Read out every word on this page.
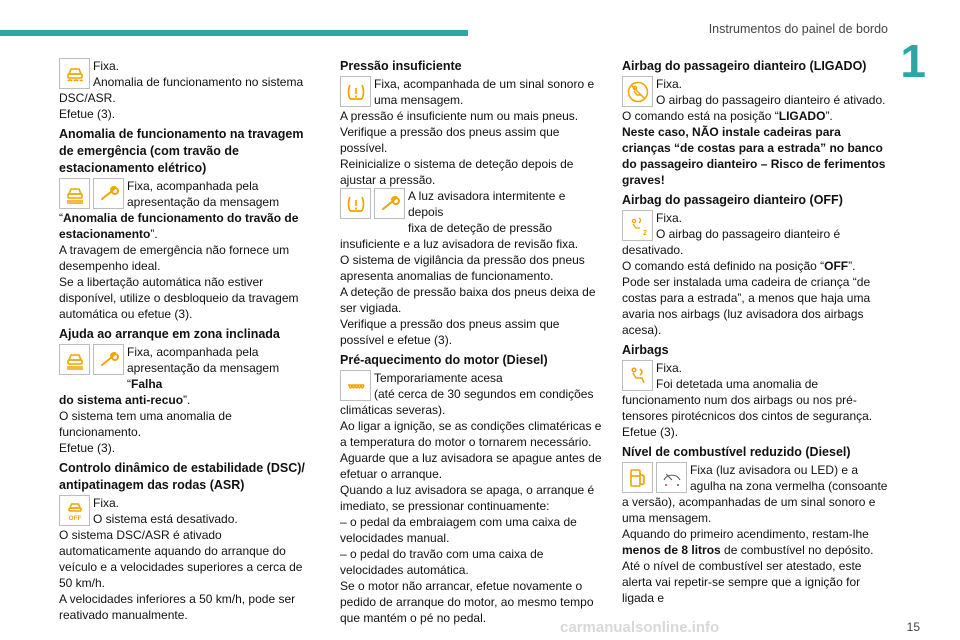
Instrumentos do painel de bordo
1
Fixa.
Anomalia de funcionamento no sistema
DSC/ASR.
Efetue (3).
Anomalia de funcionamento na travagem de emergência (com travão de estacionamento elétrico)
Fixa, acompanhada pela
apresentação da mensagem
“Anomalia de funcionamento do travão de estacionamento”.
A travagem de emergência não fornece um desempenho ideal.
Se a libertação automática não estiver disponível, utilize o desbloqueio da travagem automática ou efetue (3).
Ajuda ao arranque em zona inclinada
Fixa, acompanhada pela
apresentação da mensagem “Falha
do sistema anti-recuo”.
O sistema tem uma anomalia de funcionamento.
Efetue (3).
Controlo dinâmico de estabilidade (DSC)/ antipatinagem das rodas (ASR)
OFF
Fixa.
O sistema está desativado.
O sistema DSC/ASR é ativado automaticamente aquando do arranque do veículo e a velocidades superiores a cerca de 50 km/h.
A velocidades inferiores a 50 km/h, pode ser reativado manualmente.
Pressão insuficiente
Fixa, acompanhada de um sinal sonoro e
uma mensagem.
A pressão é insuficiente num ou mais pneus.
Verifique a pressão dos pneus assim que possível.
Reinicialize o sistema de deteção depois de ajustar a pressão.
A luz avisadora intermitente e depois
fixa de deteção de pressão
insuficiente e a luz avisadora de revisão fixa.
O sistema de vigilância da pressão dos pneus apresenta anomalias de funcionamento.
A deteção de pressão baixa dos pneus deixa de ser vigiada.
Verifique a pressão dos pneus assim que possível e efetue (3).
Pré-aquecimento do motor (Diesel)
Temporariamente acesa
(até cerca de 30 segundos em condições
climáticas severas).
Ao ligar a ignição, se as condições climatéricas e a temperatura do motor o tornarem necessário.
Aguarde que a luz avisadora se apague antes de efetuar o arranque.
Quando a luz avisadora se apaga, o arranque é imediato, se pressionar continuamente:
– o pedal da embraiagem com uma caixa de velocidades manual.
– o pedal do travão com uma caixa de velocidades automática.
Se o motor não arrancar, efetue novamente o pedido de arranque do motor, ao mesmo tempo que mantém o pé no pedal.
Airbag do passageiro dianteiro (LIGADO)
Fixa.
O airbag do passageiro dianteiro é ativado.
O comando está na posição “LIGADO”.
Neste caso, NÃO instale cadeiras para crianças “de costas para a estrada” no banco do passageiro dianteiro – Risco de ferimentos graves!
Airbag do passageiro dianteiro (OFF)
2
Fixa.
O airbag do passageiro dianteiro é
desativado.
O comando está definido na posição “OFF”.
Pode ser instalada uma cadeira de criança “de costas para a estrada”, a menos que haja uma avaria nos airbags (luz avisadora dos airbags acesa).
Airbags
Fixa.
Foi detetada uma anomalia de
funcionamento num dos airbags ou nos pré-tensores pirotécnicos dos cintos de segurança.
Efetue (3).
Nível de combustível reduzido (Diesel)
Fixa (luz avisadora ou LED) e a
agulha na zona vermelha (consoante
a versão), acompanhadas de um sinal sonoro e uma mensagem.
Aquando do primeiro acendimento, restam-lhe menos de 8 litros de combustível no depósito.
Até o nível de combustível ser atestado, este alerta vai repetir-se sempre que a ignição for ligada e
carmanualsonline.info	15
